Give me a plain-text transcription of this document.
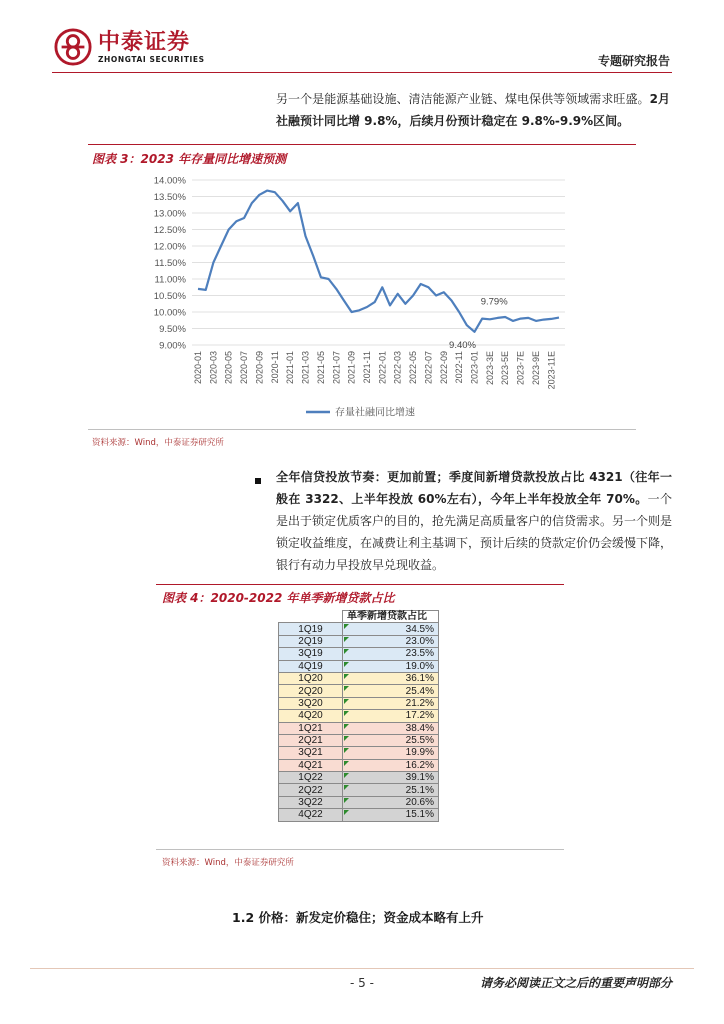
中泰证券
ZHONGTAI SECURITIES	专题研究报告
另一个是能源基础设施、清洁能源产业链、煤电保供等领域需求旺盛。2月社融预计同比增 9.8%，后续月份预计稳定在 9.8%-9.9%区间。
图表 3：2023 年存量同比增速预测
9.00%
9.50%
10.00%
10.50%
11.00%
11.50%
12.00%
12.50%
13.00%
13.50%
14.00%
2020-01 2020-03 2020-05 2020-07 2020-09 2020-11 2021-01 2021-03 2021-05 2021-07 2021-09 2021-11 2022-01 2022-03 2022-05 2022-07 2022-09 2022-11 2023-01 2023-3E 2023-5E 2023-7E 2023-9E 2023-11E
9.40%
9.79%
存量社融同比增速
资料来源：Wind，中泰证券研究所
全年信贷投放节奏：更加前置；季度间新增贷款投放占比 4321（往年一般在 3322、上半年投放 60%左右），今年上半年投放全年 70%。一个是出于锁定优质客户的目的，抢先满足高质量客户的信贷需求。另一个则是锁定收益维度，在减费让利主基调下，预计后续的贷款定价仍会缓慢下降，银行有动力早投放早兑现收益。
图表 4：2020-2022 年单季新增贷款占比
	单季新增贷款占比
1Q19	34.5%
2Q19	23.0%
3Q19	23.5%
4Q19	19.0%
1Q20	36.1%
2Q20	25.4%
3Q20	21.2%
4Q20	17.2%
1Q21	38.4%
2Q21	25.5%
3Q21	19.9%
4Q21	16.2%
1Q22	39.1%
2Q22	25.1%
3Q22	20.6%
4Q22	15.1%
资料来源：Wind，中泰证券研究所
1.2 价格：新发定价稳住；资金成本略有上升
- 5 -	请务必阅读正文之后的重要声明部分
